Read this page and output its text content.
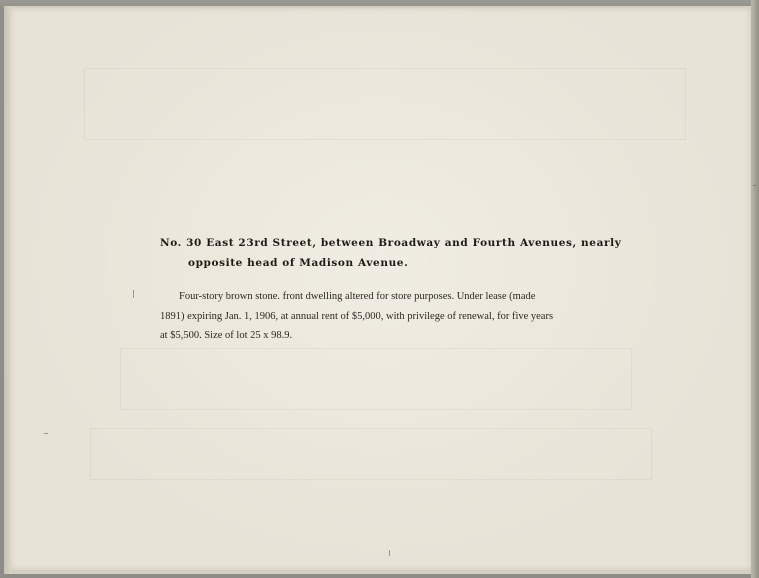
No. 30 East 23rd Street, between Broadway and Fourth Avenues, nearly
opposite head of Madison Avenue.

Four-story brown stone. front dwelling altered for store purposes. Under lease (made
1891) expiring Jan. 1, 1906, at annual rent of $5,000, with privilege of renewal, for five years
at $5,500. Size of lot 25 x 98.9.
